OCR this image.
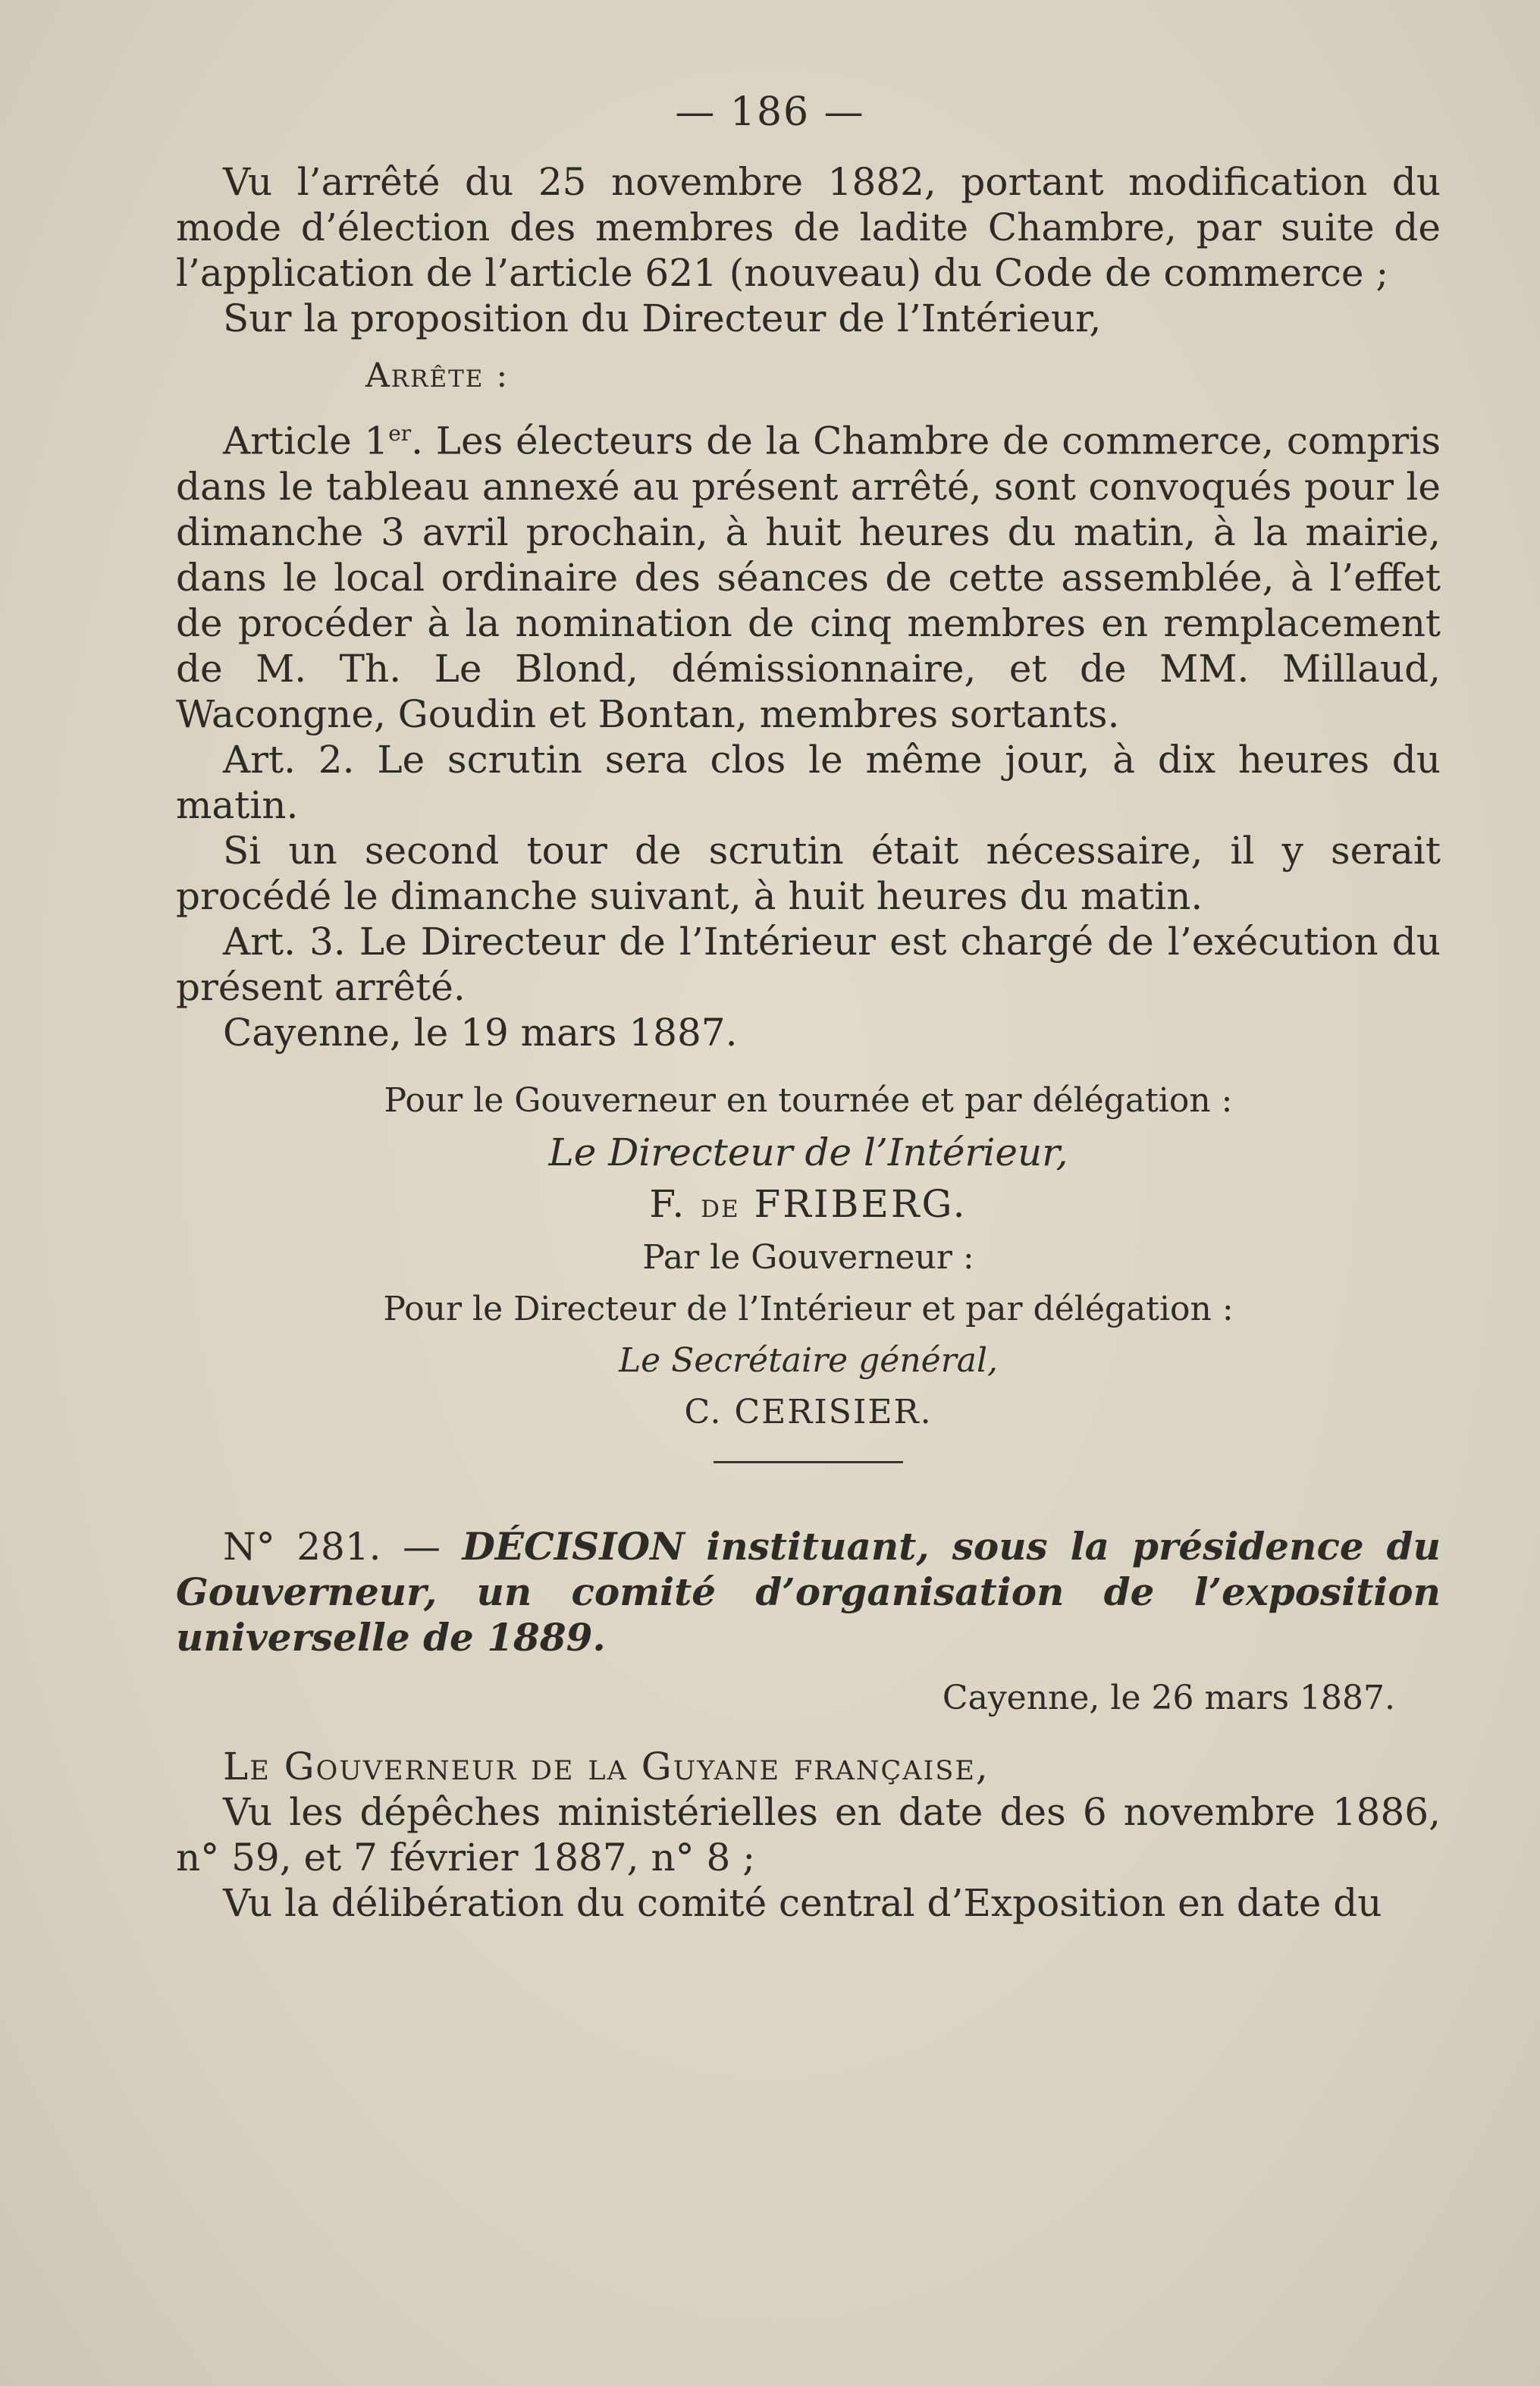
— 186 —

Vu l’arrêté du 25 novembre 1882, portant modification du mode d’élection des membres de ladite Chambre, par suite de l’application de l’article 621 (nouveau) du Code de commerce ;

Sur la proposition du Directeur de l’Intérieur,

Arrête :

Article 1er. Les électeurs de la Chambre de commerce, compris dans le tableau annexé au présent arrêté, sont convoqués pour le dimanche 3 avril prochain, à huit heures du matin, à la mairie, dans le local ordinaire des séances de cette assemblée, à l’effet de procéder à la nomination de cinq membres en remplacement de M. Th. Le Blond, démissionnaire, et de MM. Millaud, Wacongne, Goudin et Bontan, membres sortants.

Art. 2. Le scrutin sera clos le même jour, à dix heures du matin.

Si un second tour de scrutin était nécessaire, il y serait procédé le dimanche suivant, à huit heures du matin.

Art. 3. Le Directeur de l’Intérieur est chargé de l’exécution du présent arrêté.

Cayenne, le 19 mars 1887.

Pour le Gouverneur en tournée et par délégation :

Le Directeur de l’Intérieur,

F. de FRIBERG.

Par le Gouverneur :

Pour le Directeur de l’Intérieur et par délégation :

Le Secrétaire général,

C. CERISIER.

N° 281. — DÉCISION instituant, sous la présidence du Gouverneur, un comité d’organisation de l’exposition universelle de 1889.

Cayenne, le 26 mars 1887.

Le Gouverneur de la Guyane française,

Vu les dépêches ministérielles en date des 6 novembre 1886, n° 59, et 7 février 1887, n° 8 ;

Vu la délibération du comité central d’Exposition en date du
